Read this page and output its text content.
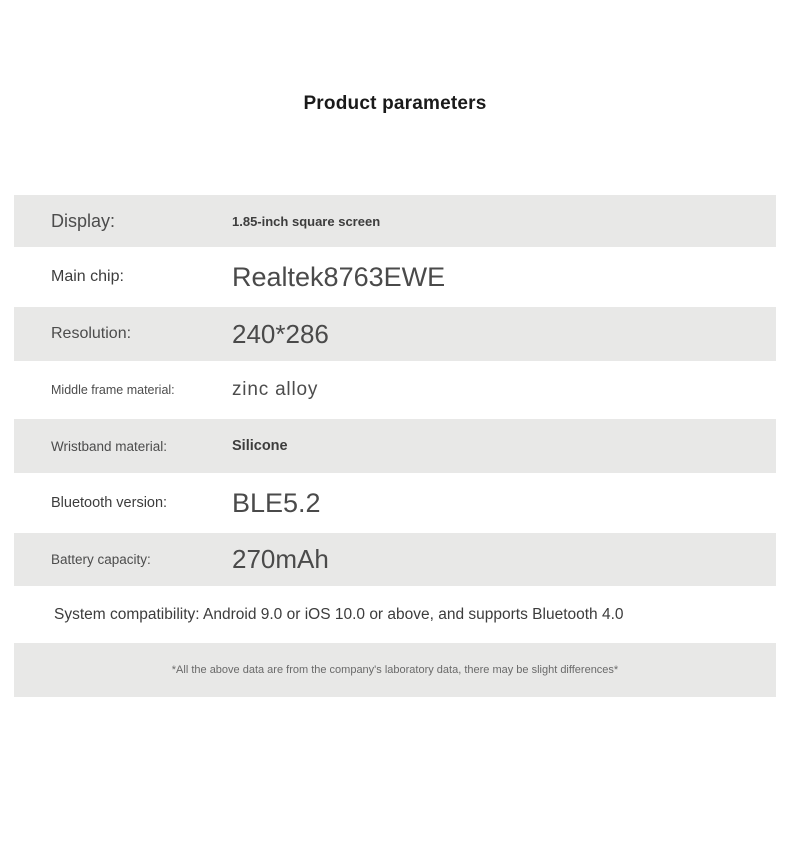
Product parameters
Display:	1.85-inch square screen
Main chip:	Realtek8763EWE
Resolution:	240*286
Middle frame material:	zinc alloy
Wristband material:	Silicone
Bluetooth version:	BLE5.2
Battery capacity:	270mAh
System compatibility: Android 9.0 or iOS 10.0 or above, and supports Bluetooth 4.0
*All the above data are from the company's laboratory data, there may be slight differences*
